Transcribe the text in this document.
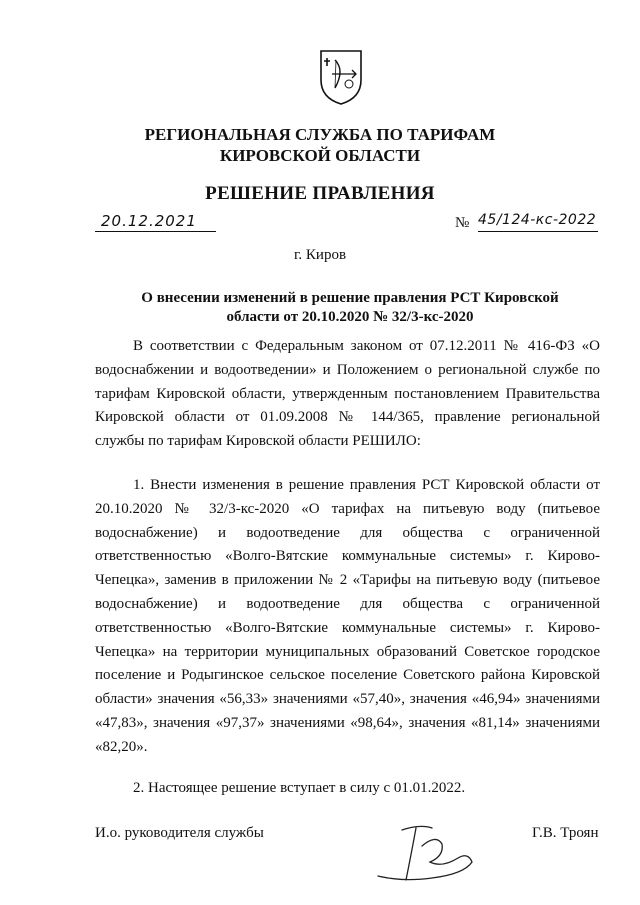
РЕГИОНАЛЬНАЯ СЛУЖБА ПО ТАРИФАМ
КИРОВСКОЙ ОБЛАСТИ
РЕШЕНИЕ ПРАВЛЕНИЯ
20.12.2021	№ 45/124-кс-2022
г. Киров
О внесении изменений в решение правления РСТ Кировской
области от 20.10.2020 № 32/3-кс-2020
В соответствии с Федеральным законом от 07.12.2011 № 416-ФЗ «О
водоснабжении и водоотведении» и Положением о региональной службе по
тарифам Кировской области, утвержденным постановлением Правительства
Кировской области от 01.09.2008 № 144/365, правление региональной
службы по тарифам Кировской области РЕШИЛО:
1. Внести изменения в решение правления РСТ Кировской области от
20.10.2020 № 32/3-кс-2020 «О тарифах на питьевую воду (питьевое
водоснабжение) и водоотведение для общества с ограниченной
ответственностью «Волго-Вятские коммунальные системы» г. Кирово-
Чепецка», заменив в приложении № 2 «Тарифы на питьевую воду (питьевое
водоснабжение) и водоотведение для общества с ограниченной
ответственностью «Волго-Вятские коммунальные системы» г. Кирово-
Чепецка» на территории муниципальных образований Советское городское
поселение и Родыгинское сельское поселение Советского района Кировской
области» значения «56,33» значениями «57,40», значения «46,94» значениями
«47,83», значения «97,37» значениями «98,64», значения «81,14» значениями
«82,20».
2. Настоящее решение вступает в силу с 01.01.2022.
И.о. руководителя службы	Г.В. Троян
